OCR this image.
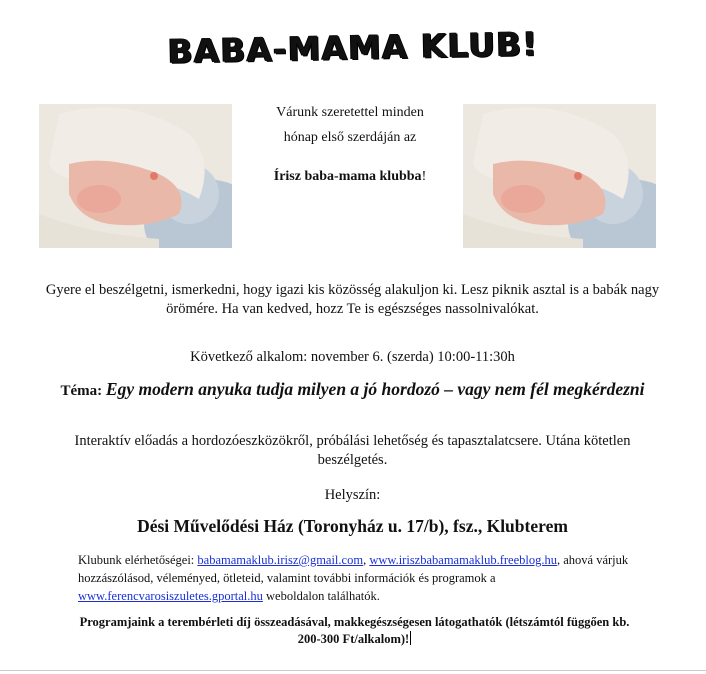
BABA-MAMA KLUB!
Várunk szeretettel minden
hónap első szerdáján az
Írisz baba-mama klubba!
Gyere el beszélgetni, ismerkedni, hogy igazi kis közösség alakuljon ki. Lesz piknik asztal is a babák nagy örömére. Ha van kedved, hozz Te is egészséges nassolnivalókat.
Következő alkalom: november 6. (szerda) 10:00-11:30h
Téma: Egy modern anyuka tudja milyen a jó hordozó – vagy nem fél megkérdezni
Interaktív előadás a hordozóeszközökről, próbálási lehetőség és tapasztalatcsere. Utána kötetlen beszélgetés.
Helyszín:
Dési Művelődési Ház (Toronyház u. 17/b), fsz., Klubterem
Klubunk elérhetőségei: babamamaklub.irisz@gmail.com, www.iriszbabamamaklub.freeblog.hu, ahová várjuk hozzászólásod, véleményed, ötleteid, valamint további információk és programok a www.ferencvarosiszuletes.gportal.hu weboldalon találhatók.
Programjaink a terembérleti díj összeadásával, makkegészségesen látogathatók (létszámtól függően kb. 200-300 Ft/alkalom)!
